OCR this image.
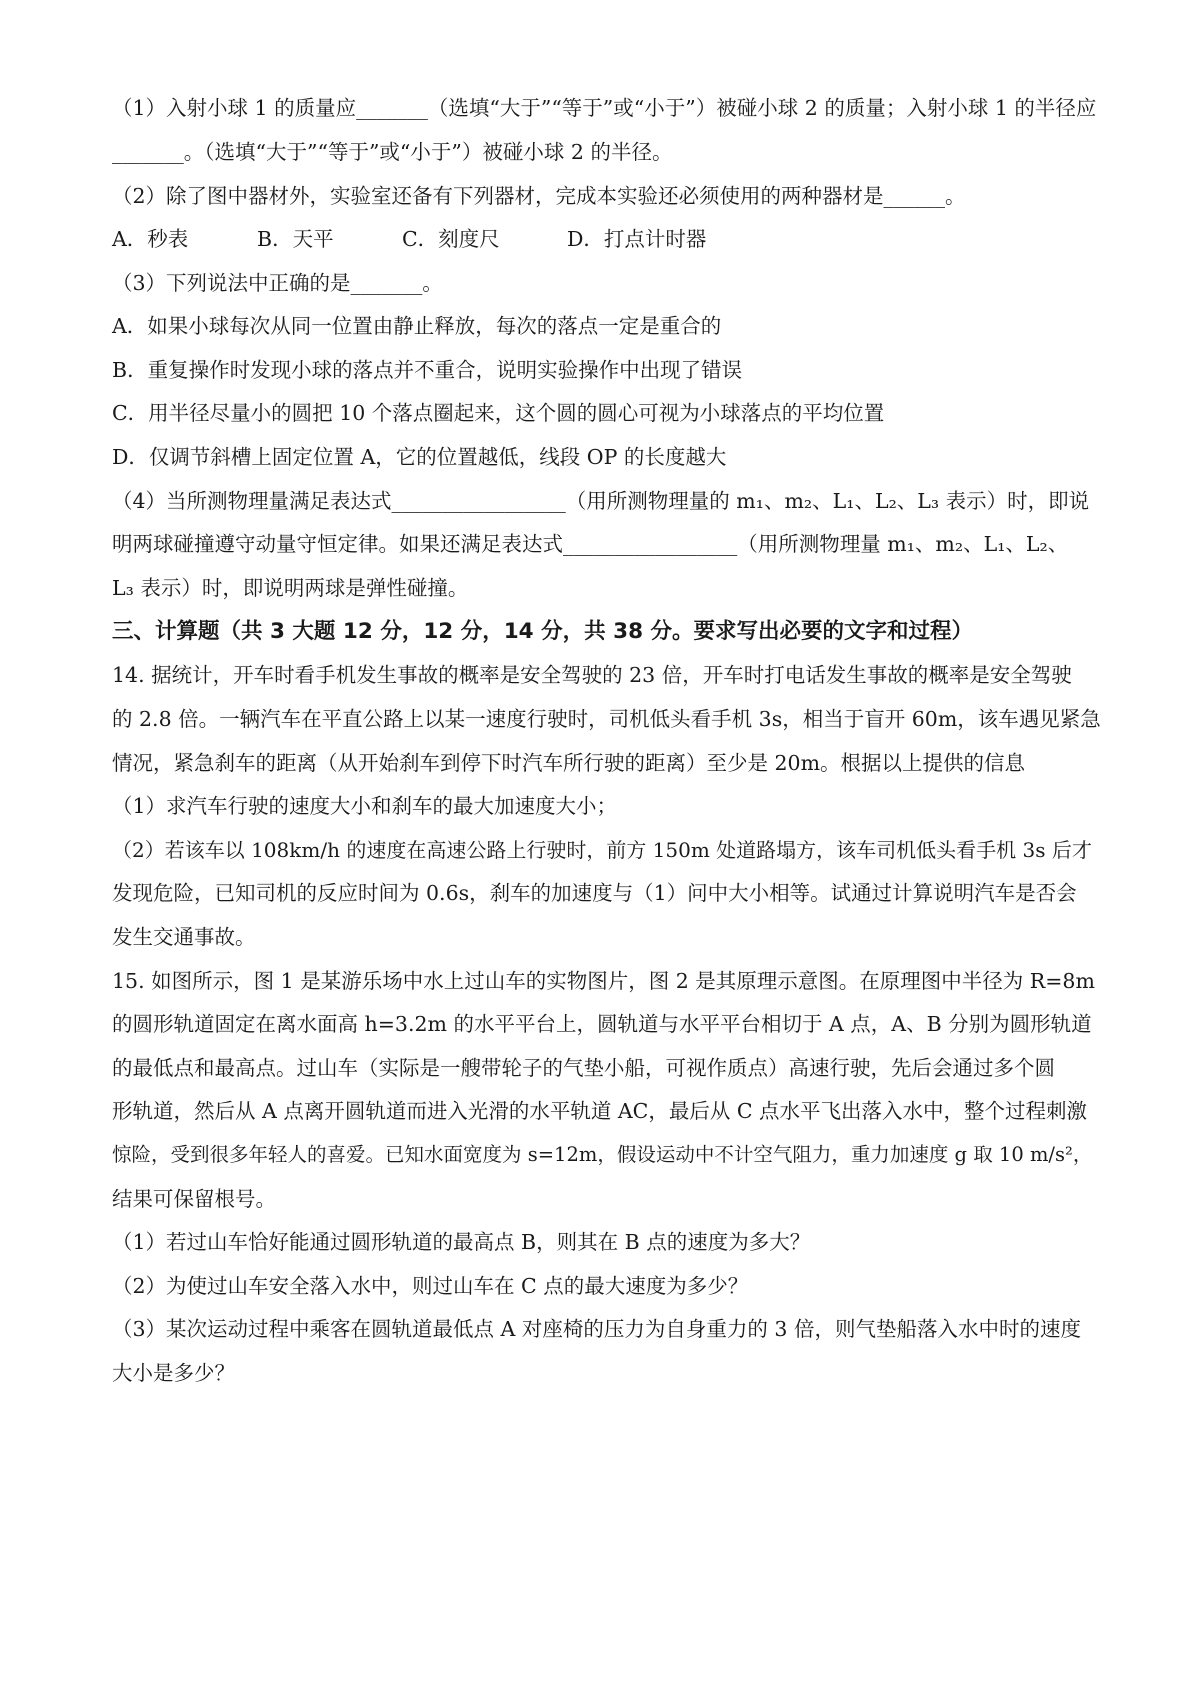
（1）入射小球 1 的质量应_______（选填“大于”“等于”或“小于”）被碰小球 2 的质量；入射小球 1 的半径应
_______。（选填“大于”“等于”或“小于”）被碰小球 2 的半径。
（2）除了图中器材外，实验室还备有下列器材，完成本实验还必须使用的两种器材是______。
A．秒表	B．天平	C．刻度尺	D．打点计时器
（3）下列说法中正确的是_______。
A．如果小球每次从同一位置由静止释放，每次的落点一定是重合的
B．重复操作时发现小球的落点并不重合，说明实验操作中出现了错误
C．用半径尽量小的圆把 10 个落点圈起来，这个圆的圆心可视为小球落点的平均位置
D．仅调节斜槽上固定位置 A，它的位置越低，线段 OP 的长度越大
（4）当所测物理量满足表达式_________________（用所测物理量的 m₁、m₂、L₁、L₂、L₃ 表示）时，即说
明两球碰撞遵守动量守恒定律。如果还满足表达式_________________（用所测物理量 m₁、m₂、L₁、L₂、
L₃ 表示）时，即说明两球是弹性碰撞。
三、计算题（共 3 大题 12 分，12 分，14 分，共 38 分。要求写出必要的文字和过程）
14. 据统计，开车时看手机发生事故的概率是安全驾驶的 23 倍，开车时打电话发生事故的概率是安全驾驶
的 2.8 倍。一辆汽车在平直公路上以某一速度行驶时，司机低头看手机 3s，相当于盲开 60m，该车遇见紧急
情况，紧急刹车的距离（从开始刹车到停下时汽车所行驶的距离）至少是 20m。根据以上提供的信息
（1）求汽车行驶的速度大小和刹车的最大加速度大小；
（2）若该车以 108km/h 的速度在高速公路上行驶时，前方 150m 处道路塌方，该车司机低头看手机 3s 后才
发现危险，已知司机的反应时间为 0.6s，刹车的加速度与（1）问中大小相等。试通过计算说明汽车是否会
发生交通事故。
15. 如图所示，图 1 是某游乐场中水上过山车的实物图片，图 2 是其原理示意图。在原理图中半径为 R=8m
的圆形轨道固定在离水面高 h=3.2m 的水平平台上，圆轨道与水平平台相切于 A 点，A、B 分别为圆形轨道
的最低点和最高点。过山车（实际是一艘带轮子的气垫小船，可视作质点）高速行驶，先后会通过多个圆
形轨道，然后从 A 点离开圆轨道而进入光滑的水平轨道 AC，最后从 C 点水平飞出落入水中，整个过程刺激
惊险，受到很多年轻人的喜爱。已知水面宽度为 s=12m，假设运动中不计空气阻力，重力加速度 g 取 10 m/s²，
结果可保留根号。
（1）若过山车恰好能通过圆形轨道的最高点 B，则其在 B 点的速度为多大？
（2）为使过山车安全落入水中，则过山车在 C 点的最大速度为多少？
（3）某次运动过程中乘客在圆轨道最低点 A 对座椅的压力为自身重力的 3 倍，则气垫船落入水中时的速度
大小是多少？
